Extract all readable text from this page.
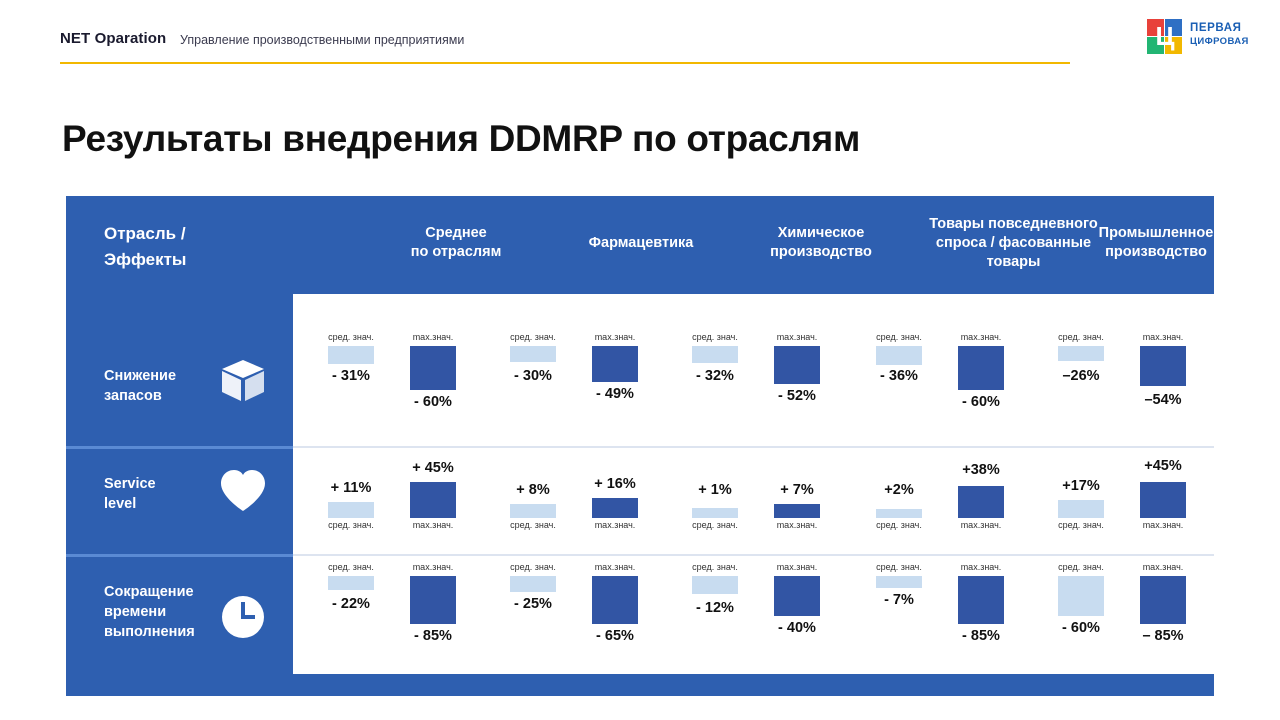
NET Oparation Управление производственными предприятиями	Ц ПЕРВАЯ
ЦИФРОВАЯ
Результаты внедрения DDMRP по отраслям
Отрасль /
Эффекты
Среднее
по отраслям
Фармацевтика
Химическое
производство
Товары повседневного
спроса / фасованные
товары
Промышленное
производство
Снижение
запасов
Service
level
Сокращение
времени
выполнения
сред. знач.
- 31%
max.знач.
- 60%
сред. знач.
- 30%
max.знач.
- 49%
сред. знач.
- 32%
max.знач.
- 52%
сред. знач.
- 36%
max.знач.
- 60%
сред. знач.
–26%
max.знач.
–54%
+ 11%
сред. знач.
+ 45%
max.знач.
+ 8%
сред. знач.
+ 16%
max.знач.
+ 1%
сред. знач.
+ 7%
max.знач.
+2%
сред. знач.
+38%
max.знач.
+17%
сред. знач.
+45%
max.знач.
сред. знач.
- 22%
max.знач.
- 85%
сред. знач.
- 25%
max.знач.
- 65%
сред. знач.
- 12%
max.знач.
- 40%
сред. знач.
- 7%
max.знач.
- 85%
сред. знач.
- 60%
max.знач.
– 85%
